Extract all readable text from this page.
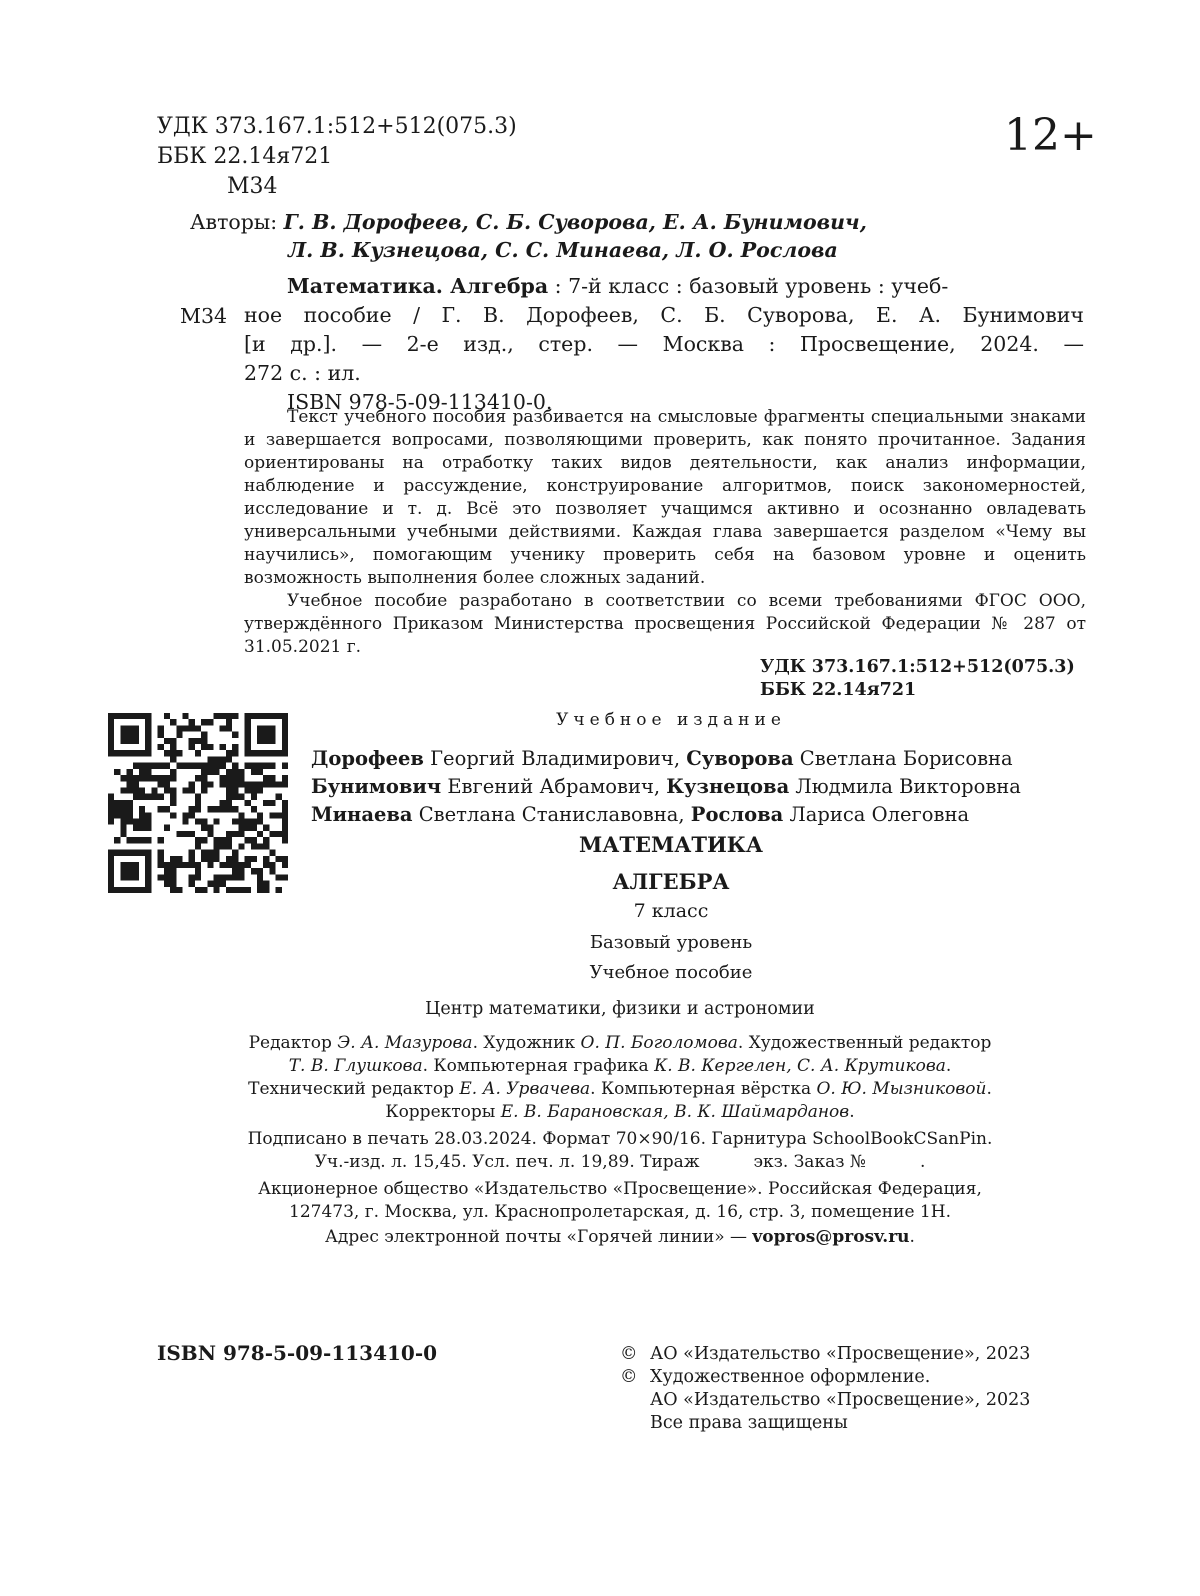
УДК 373.167.1:512+512(075.3)
ББК 22.14я721
М34
12+
Авторы: Г. В. Дорофеев, С. Б. Суворова, Е. А. Бунимович,
Л. В. Кузнецова, С. С. Минаева, Л. О. Рослова
Математика. Алгебра : 7-й класс : базовый уровень : учеб-
М34 ное пособие / Г. В. Дорофеев, С. Б. Суворова, Е. А. Бунимович
[и др.]. — 2-е изд., стер. — Москва : Просвещение, 2024. —
272 с. : ил.
ISBN 978-5-09-113410-0.

Текст учебного пособия разбивается на смысловые фрагменты специальными знаками и завершается вопросами, позволяющими проверить, как понято прочитанное. Задания ориентированы на отработку таких видов деятельности, как анализ информации, наблюдение и рассуждение, конструирование алгоритмов, поиск закономерностей, исследование и т. д. Всё это позволяет учащимся активно и осознанно овладевать универсальными учебными действиями. Каждая глава завершается разделом «Чему вы научились», помогающим ученику проверить себя на базовом уровне и оценить возможность выполнения более сложных заданий.

Учебное пособие разработано в соответствии со всеми требованиями ФГОС ООО, утверждённого Приказом Министерства просвещения Российской Федерации № 287 от 31.05.2021 г.

УДК 373.167.1:512+512(075.3)
ББК 22.14я721
Учебное издание
Дорофеев Георгий Владимирович, Суворова Светлана Борисовна
Бунимович Евгений Абрамович, Кузнецова Людмила Викторовна
Минаева Светлана Станиславовна, Рослова Лариса Олеговна
МАТЕМАТИКА
АЛГЕБРА
7 класс
Базовый уровень
Учебное пособие
Центр математики, физики и астрономии
Редактор Э. А. Мазурова. Художник О. П. Боголомова. Художественный редактор
Т. В. Глушкова. Компьютерная графика К. В. Кергелен, С. А. Крутикова.
Технический редактор Е. А. Урвачева. Компьютерная вёрстка О. Ю. Мызниковой.
Корректоры Е. В. Барановская, В. К. Шаймарданов.
Подписано в печать 28.03.2024. Формат 70×90/16. Гарнитура SchoolBookCSanPin.
Уч.-изд. л. 15,45. Усл. печ. л. 19,89. Тираж          экз. Заказ №          .
Акционерное общество «Издательство «Просвещение». Российская Федерация,
127473, г. Москва, ул. Краснопролетарская, д. 16, стр. 3, помещение 1Н.
Адрес электронной почты «Горячей линии» — vopros@prosv.ru.
ISBN 978-5-09-113410-0	© АО «Издательство «Просвещение», 2023
© Художественное оформление.
АО «Издательство «Просвещение», 2023
Все права защищены
